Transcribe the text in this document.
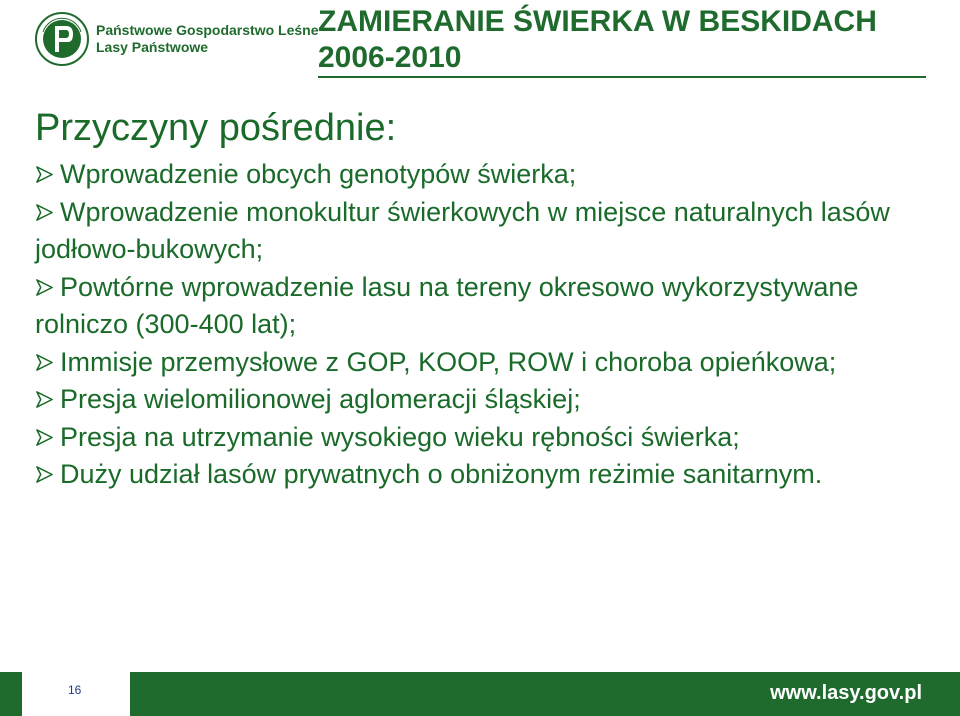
Państwowe Gospodarstwo Leśne
Lasy Państwowe
ZAMIERANIE ŚWIERKA W BESKIDACH
2006-2010
Przyczyny pośrednie:
Wprowadzenie obcych genotypów świerka;
Wprowadzenie monokultur świerkowych w miejsce naturalnych lasów jodłowo-bukowych;
Powtórne wprowadzenie lasu na tereny okresowo wykorzystywane rolniczo (300-400 lat);
Immisje przemysłowe z GOP, KOOP, ROW i choroba opieńkowa;
Presja wielomilionowej aglomeracji śląskiej;
Presja na utrzymanie wysokiego wieku rębności świerka;
Duży udział lasów prywatnych o obniżonym reżimie sanitarnym.
16	www.lasy.gov.pl
